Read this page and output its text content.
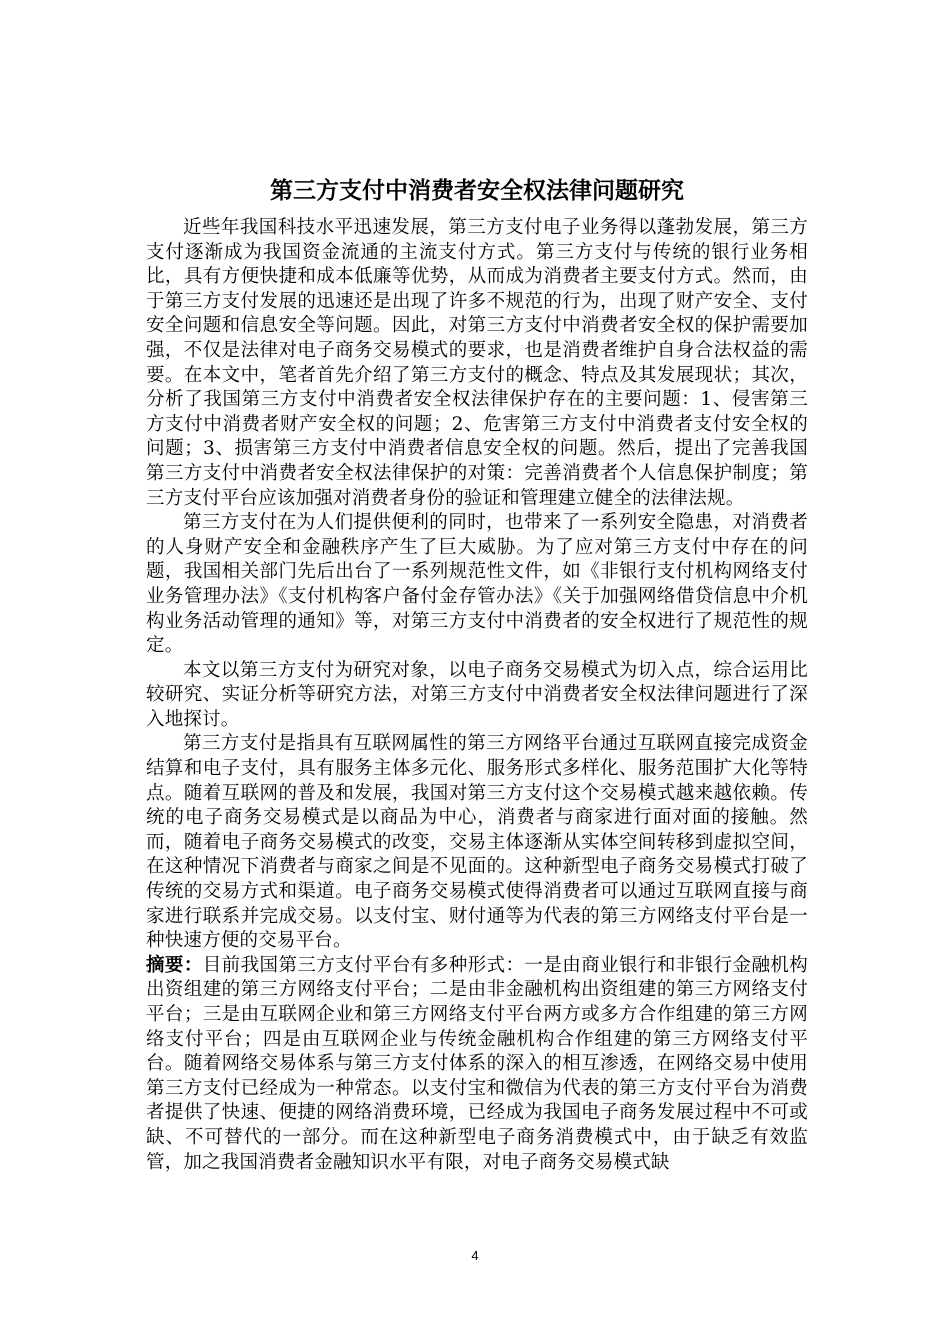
第三方支付中消费者安全权法律问题研究

近些年我国科技水平迅速发展，第三方支付电子业务得以蓬勃发展，第三方支付逐渐成为我国资金流通的主流支付方式。第三方支付与传统的银行业务相比，具有方便快捷和成本低廉等优势，从而成为消费者主要支付方式。然而，由于第三方支付发展的迅速还是出现了许多不规范的行为，出现了财产安全、支付安全问题和信息安全等问题。因此，对第三方支付中消费者安全权的保护需要加强，不仅是法律对电子商务交易模式的要求，也是消费者维护自身合法权益的需要。在本文中，笔者首先介绍了第三方支付的概念、特点及其发展现状；其次，分析了我国第三方支付中消费者安全权法律保护存在的主要问题：1、侵害第三方支付中消费者财产安全权的问题；2、危害第三方支付中消费者支付安全权的问题；3、损害第三方支付中消费者信息安全权的问题。然后，提出了完善我国第三方支付中消费者安全权法律保护的对策：完善消费者个人信息保护制度；第三方支付平台应该加强对消费者身份的验证和管理建立健全的法律法规。

第三方支付在为人们提供便利的同时，也带来了一系列安全隐患，对消费者的人身财产安全和金融秩序产生了巨大威胁。为了应对第三方支付中存在的问题，我国相关部门先后出台了一系列规范性文件，如《非银行支付机构网络支付业务管理办法》《支付机构客户备付金存管办法》《关于加强网络借贷信息中介机构业务活动管理的通知》等，对第三方支付中消费者的安全权进行了规范性的规定。

本文以第三方支付为研究对象，以电子商务交易模式为切入点，综合运用比较研究、实证分析等研究方法，对第三方支付中消费者安全权法律问题进行了深入地探讨。

第三方支付是指具有互联网属性的第三方网络平台通过互联网直接完成资金结算和电子支付，具有服务主体多元化、服务形式多样化、服务范围扩大化等特点。随着互联网的普及和发展，我国对第三方支付这个交易模式越来越依赖。传统的电子商务交易模式是以商品为中心，消费者与商家进行面对面的接触。然而，随着电子商务交易模式的改变，交易主体逐渐从实体空间转移到虚拟空间，在这种情况下消费者与商家之间是不见面的。这种新型电子商务交易模式打破了传统的交易方式和渠道。电子商务交易模式使得消费者可以通过互联网直接与商家进行联系并完成交易。以支付宝、财付通等为代表的第三方网络支付平台是一种快速方便的交易平台。

摘要：目前我国第三方支付平台有多种形式：一是由商业银行和非银行金融机构出资组建的第三方网络支付平台；二是由非金融机构出资组建的第三方网络支付平台；三是由互联网企业和第三方网络支付平台两方或多方合作组建的第三方网络支付平台；四是由互联网企业与传统金融机构合作组建的第三方网络支付平台。随着网络交易体系与第三方支付体系的深入的相互渗透，在网络交易中使用第三方支付已经成为一种常态。以支付宝和微信为代表的第三方支付平台为消费者提供了快速、便捷的网络消费环境，已经成为我国电子商务发展过程中不可或缺、不可替代的一部分。而在这种新型电子商务消费模式中，由于缺乏有效监管，加之我国消费者金融知识水平有限，对电子商务交易模式缺

4
